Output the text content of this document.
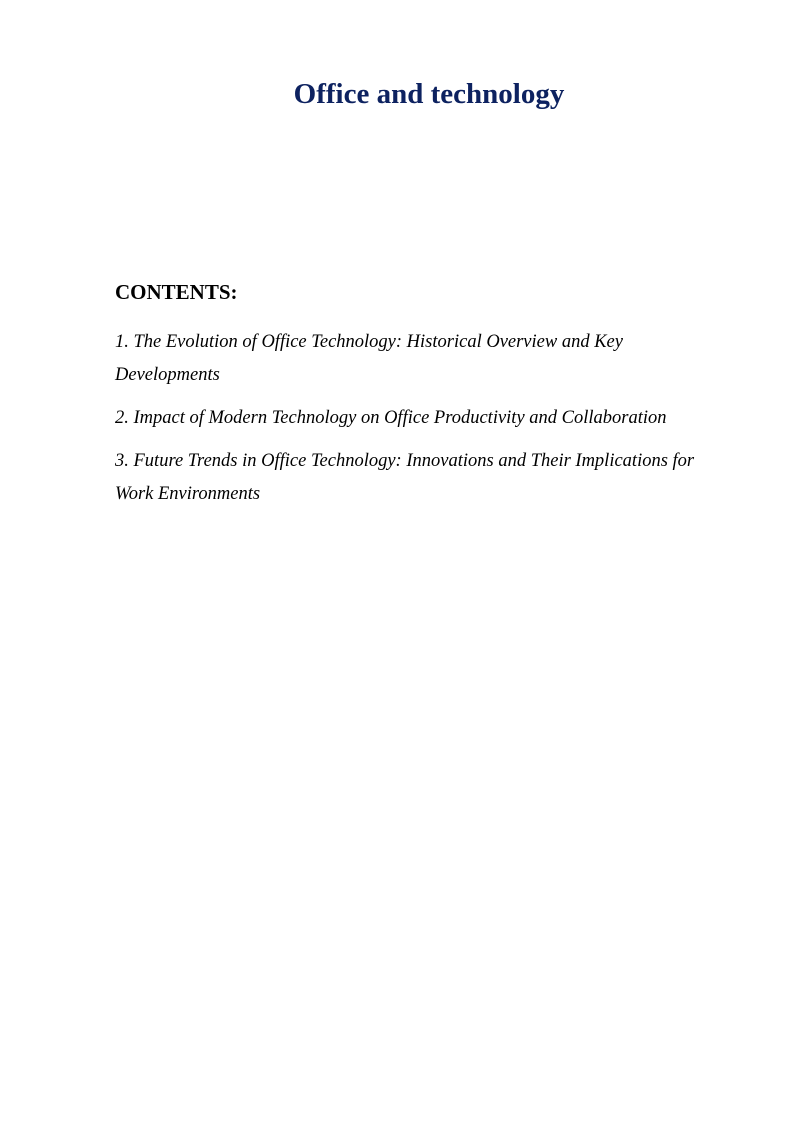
Office and technology
CONTENTS:
1. The Evolution of Office Technology: Historical Overview and Key Developments
2. Impact of Modern Technology on Office Productivity and Collaboration
3. Future Trends in Office Technology: Innovations and Their Implications for Work Environments
